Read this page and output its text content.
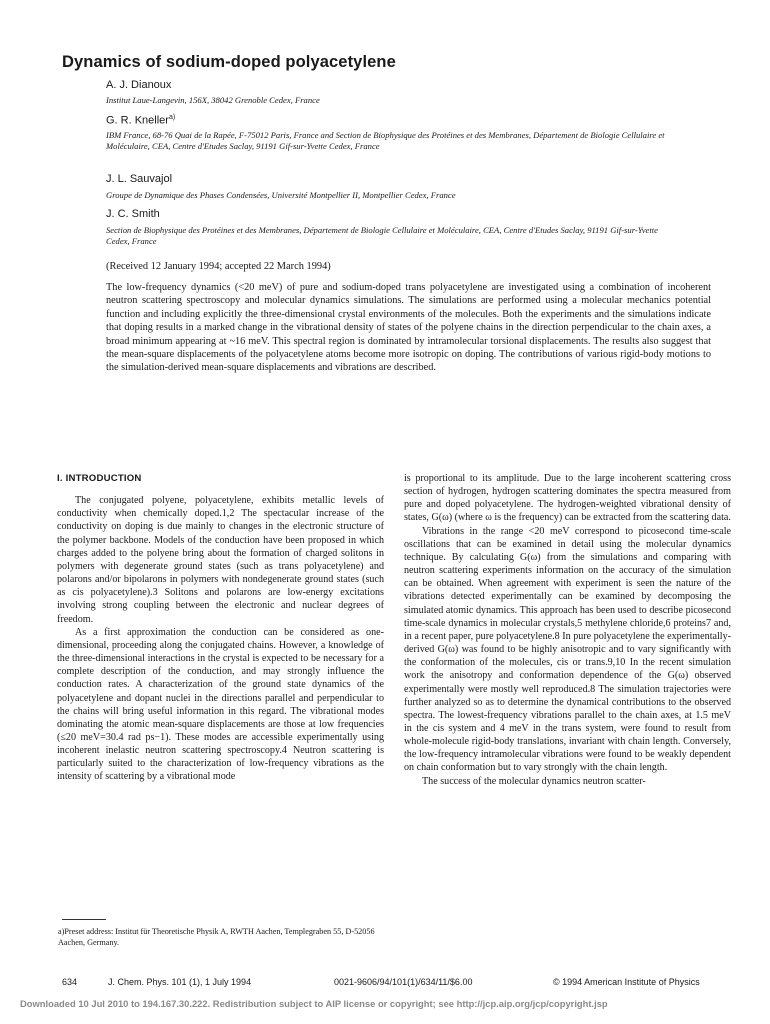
Dynamics of sodium-doped polyacetylene
A. J. Dianoux
Institut Laue-Langevin, 156X, 38042 Grenoble Cedex, France
G. R. Kneller$^{a)}$
IBM France, 68-76 Quai de la Rapée, F-75012 Paris, France and Section de Biophysique des Protéines et des Membranes, Département de Biologie Cellulaire et Moléculaire, CEA, Centre d'Etudes Saclay, 91191 Gif-sur-Yvette Cedex, France
J. L. Sauvajol
Groupe de Dynamique des Phases Condensées, Université Montpellier II, Montpellier Cedex, France
J. C. Smith
Section de Biophysique des Protéines et des Membranes, Département de Biologie Cellulaire et Moléculaire, CEA, Centre d'Etudes Saclay, 91191 Gif-sur-Yvette Cedex, France
(Received 12 January 1994; accepted 22 March 1994)

The low-frequency dynamics (<20 meV) of pure and sodium-doped trans polyacetylene are investigated using a combination of incoherent neutron scattering spectroscopy and molecular dynamics simulations. The simulations are performed using a molecular mechanics potential function and including explicitly the three-dimensional crystal environments of the molecules. Both the experiments and the simulations indicate that doping results in a marked change in the vibrational density of states of the polyene chains in the direction perpendicular to the chain axes, a broad minimum appearing at ~16 meV. This spectral region is dominated by intramolecular torsional displacements. The results also suggest that the mean-square displacements of the polyacetylene atoms become more isotropic on doping. The contributions of various rigid-body motions to the simulation-derived mean-square displacements and vibrations are described.

I. INTRODUCTION

The conjugated polyene, polyacetylene, exhibits metallic levels of conductivity when chemically doped.1,2 The spectacular increase of the conductivity on doping is due mainly to changes in the electronic structure of the polymer backbone. Models of the conduction have been proposed in which charges added to the polyene bring about the formation of charged solitons in polymers with degenerate ground states (such as trans polyacetylene) and polarons and/or bipolarons in polymers with nondegenerate ground states (such as cis polyacetylene).3 Solitons and polarons are low-energy excitations involving strong coupling between the electronic and nuclear degrees of freedom.

As a first approximation the conduction can be considered as one-dimensional, proceeding along the conjugated chains. However, a knowledge of the three-dimensional interactions in the crystal is expected to be necessary for a complete description of the conduction, and may strongly influence the conduction rates. A characterization of the ground state dynamics of the polyacetylene and dopant nuclei in the directions parallel and perpendicular to the chains will bring useful information in this regard. The vibrational modes dominating the atomic mean-square displacements are those at low frequencies (≤20 meV=30.4 rad ps−1). These modes are accessible experimentally using incoherent inelastic neutron scattering spectroscopy.4 Neutron scattering is particularly suited to the characterization of low-frequency vibrations as the intensity of scattering by a vibrational mode

is proportional to its amplitude. Due to the large incoherent scattering cross section of hydrogen, hydrogen scattering dominates the spectra measured from pure and doped polyacetylene. The hydrogen-weighted vibrational density of states, G(ω) (where ω is the frequency) can be extracted from the scattering data.

Vibrations in the range <20 meV correspond to picosecond time-scale oscillations that can be examined in detail using the molecular dynamics technique. By calculating G(ω) from the simulations and comparing with neutron scattering experiments information on the accuracy of the simulation can be obtained. When agreement with experiment is seen the nature of the vibrations detected experimentally can be examined by decomposing the simulated atomic dynamics. This approach has been used to describe picosecond time-scale dynamics in molecular crystals,5 methylene chloride,6 proteins7 and, in a recent paper, pure polyacetylene.8 In pure polyacetylene the experimentally-derived G(ω) was found to be highly anisotropic and to vary significantly with the conformation of the molecules, cis or trans.9,10 In the recent simulation work the anisotropy and conformation dependence of the G(ω) observed experimentally were mostly well reproduced.8 The simulation trajectories were further analyzed so as to determine the dynamical contributions to the observed spectra. The lowest-frequency vibrations parallel to the chain axes, at 1.5 meV in the cis system and 4 meV in the trans system, were found to result from whole-molecule rigid-body translations, invariant with chain length. Conversely, the low-frequency intramolecular vibrations were found to be weakly dependent on chain conformation but to vary strongly with the chain length.

The success of the molecular dynamics neutron scatter-

a)Preset address: Institut für Theoretische Physik A, RWTH Aachen, Templegraben 55, D-52056 Aachen, Germany.
634	J. Chem. Phys. 101 (1), 1 July 1994	0021-9606/94/101(1)/634/11/$6.00	© 1994 American Institute of Physics
Downloaded 10 Jul 2010 to 194.167.30.222. Redistribution subject to AIP license or copyright; see http://jcp.aip.org/jcp/copyright.jsp
